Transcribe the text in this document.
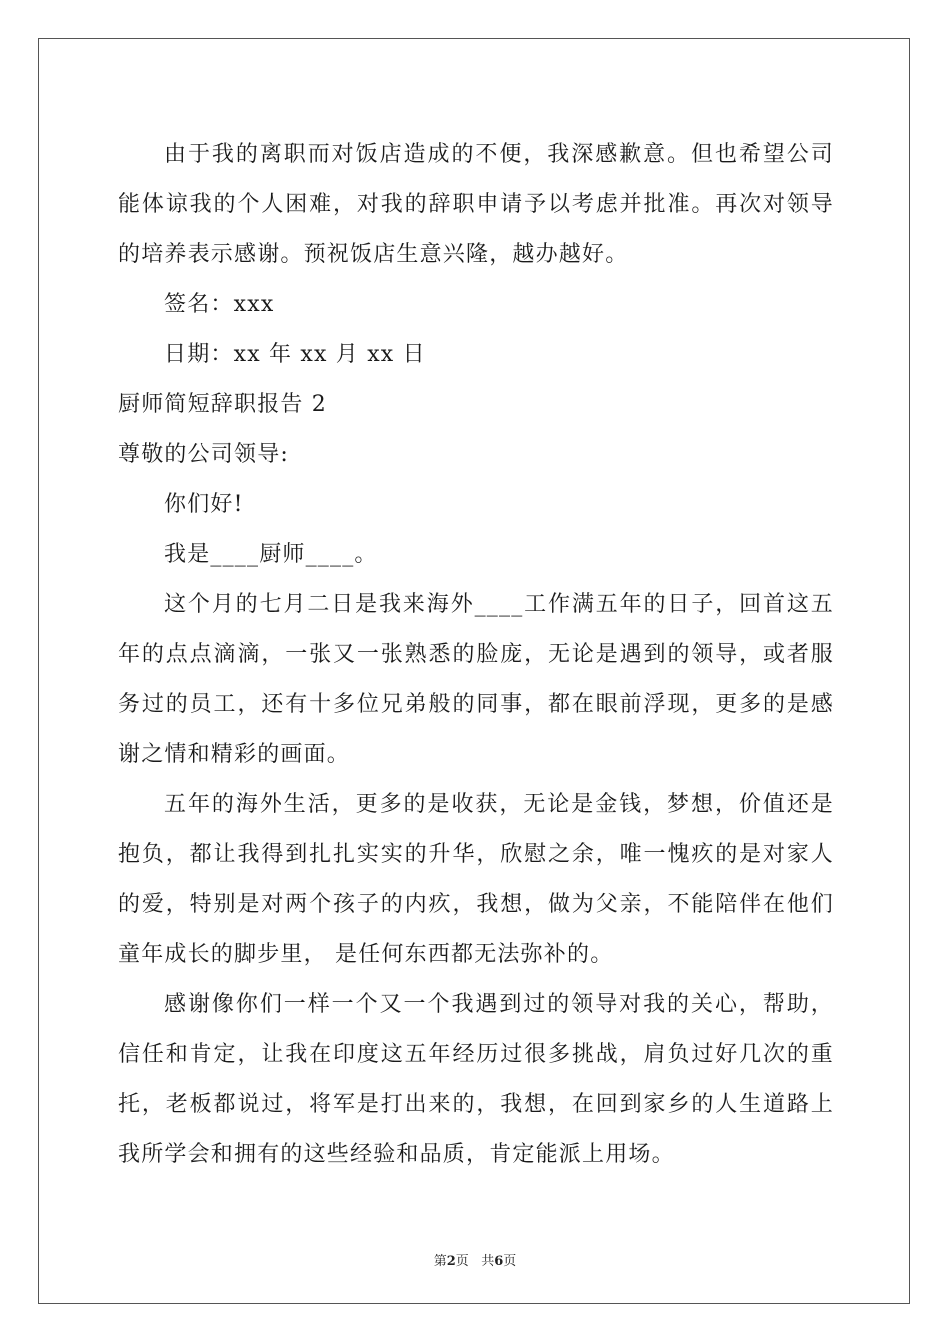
由于我的离职而对饭店造成的不便，我深感歉意。但也希望公司能体谅我的个人困难，对我的辞职申请予以考虑并批准。再次对领导的培养表示感谢。预祝饭店生意兴隆，越办越好。

签名：xxx

日期：xx 年 xx 月 xx 日

厨师简短辞职报告 2

尊敬的公司领导:

你们好!

我是____厨师____。

这个月的七月二日是我来海外____工作满五年的日子，回首这五年的点点滴滴，一张又一张熟悉的脸庞，无论是遇到的领导，或者服务过的员工，还有十多位兄弟般的同事，都在眼前浮现，更多的是感谢之情和精彩的画面。

五年的海外生活，更多的是收获，无论是金钱，梦想，价值还是抱负，都让我得到扎扎实实的升华，欣慰之余，唯一愧疚的是对家人的爱，特别是对两个孩子的内疚，我想，做为父亲，不能陪伴在他们童年成长的脚步里， 是任何东西都无法弥补的。

感谢像你们一样一个又一个我遇到过的领导对我的关心，帮助，信任和肯定，让我在印度这五年经历过很多挑战，肩负过好几次的重托，老板都说过，将军是打出来的，我想，在回到家乡的人生道路上我所学会和拥有的这些经验和品质，肯定能派上用场。

第2页 共6页
